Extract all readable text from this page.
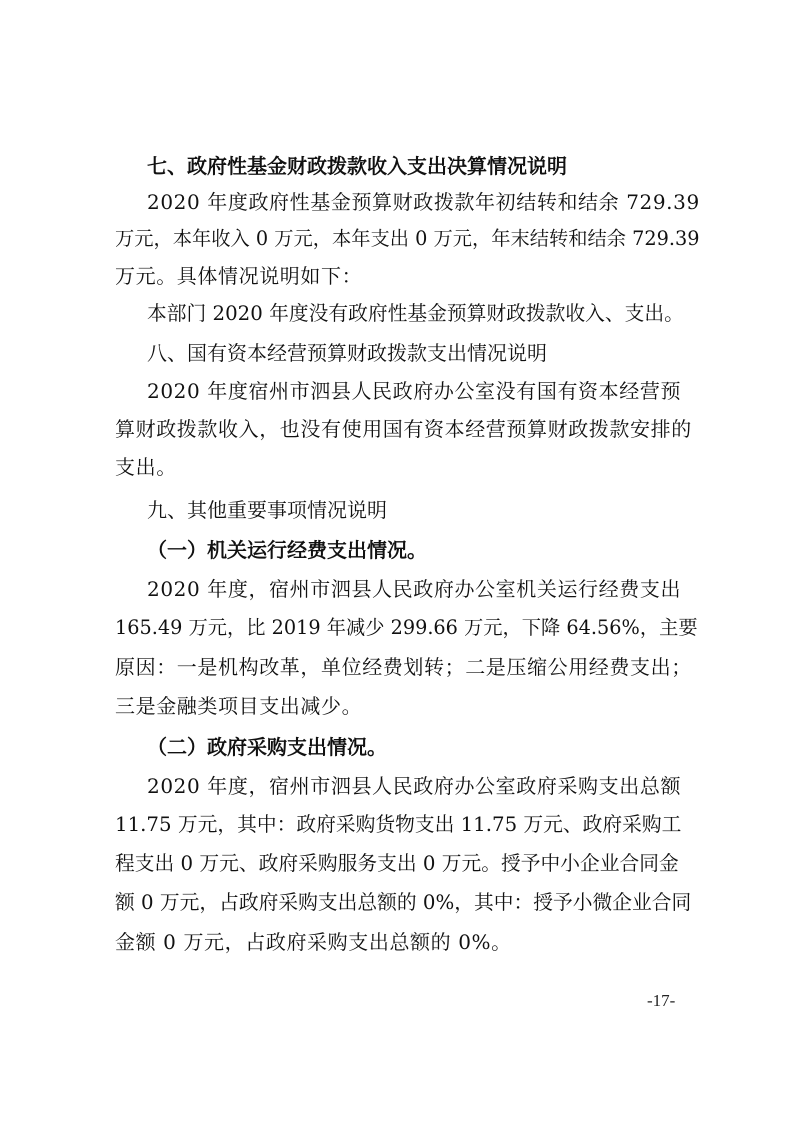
七、政府性基金财政拨款收入支出决算情况说明
2020 年度政府性基金预算财政拨款年初结转和结余 729.39
万元，本年收入 0 万元，本年支出 0 万元，年末结转和结余 729.39
万元。具体情况说明如下：
本部门 2020 年度没有政府性基金预算财政拨款收入、支出。
八、国有资本经营预算财政拨款支出情况说明
2020 年度宿州市泗县人民政府办公室没有国有资本经营预
算财政拨款收入，也没有使用国有资本经营预算财政拨款安排的
支出。
九、其他重要事项情况说明
（一）机关运行经费支出情况。
2020 年度，宿州市泗县人民政府办公室机关运行经费支出
165.49 万元，比 2019 年减少 299.66 万元，下降 64.56%，主要
原因：一是机构改革，单位经费划转；二是压缩公用经费支出；
三是金融类项目支出减少。
（二）政府采购支出情况。
2020 年度，宿州市泗县人民政府办公室政府采购支出总额
11.75 万元，其中：政府采购货物支出 11.75 万元、政府采购工
程支出 0 万元、政府采购服务支出 0 万元。授予中小企业合同金
额 0 万元，占政府采购支出总额的 0%，其中：授予小微企业合同
金额 0 万元，占政府采购支出总额的 0%。
-17-
